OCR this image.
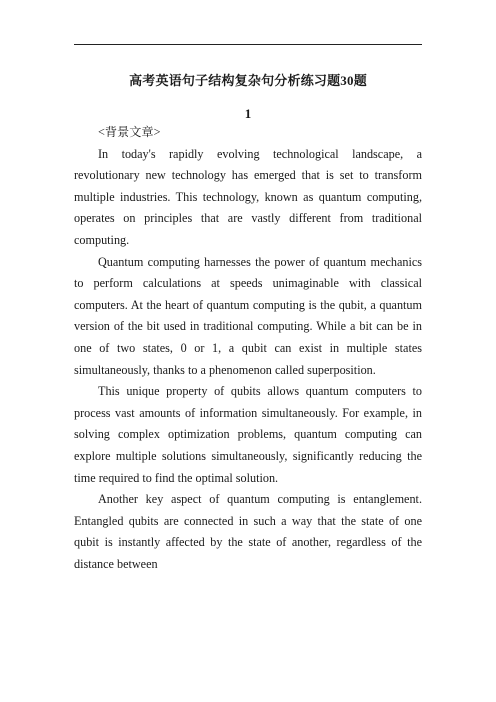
高考英语句子结构复杂句分析练习题30题
1

<背景文章>

In today's rapidly evolving technological landscape, a revolutionary new technology has emerged that is set to transform multiple industries. This technology, known as quantum computing, operates on principles that are vastly different from traditional computing.

Quantum computing harnesses the power of quantum mechanics to perform calculations at speeds unimaginable with classical computers. At the heart of quantum computing is the qubit, a quantum version of the bit used in traditional computing. While a bit can be in one of two states, 0 or 1, a qubit can exist in multiple states simultaneously, thanks to a phenomenon called superposition.

This unique property of qubits allows quantum computers to process vast amounts of information simultaneously. For example, in solving complex optimization problems, quantum computing can explore multiple solutions simultaneously, significantly reducing the time required to find the optimal solution.

Another key aspect of quantum computing is entanglement. Entangled qubits are connected in such a way that the state of one qubit is instantly affected by the state of another, regardless of the distance between
